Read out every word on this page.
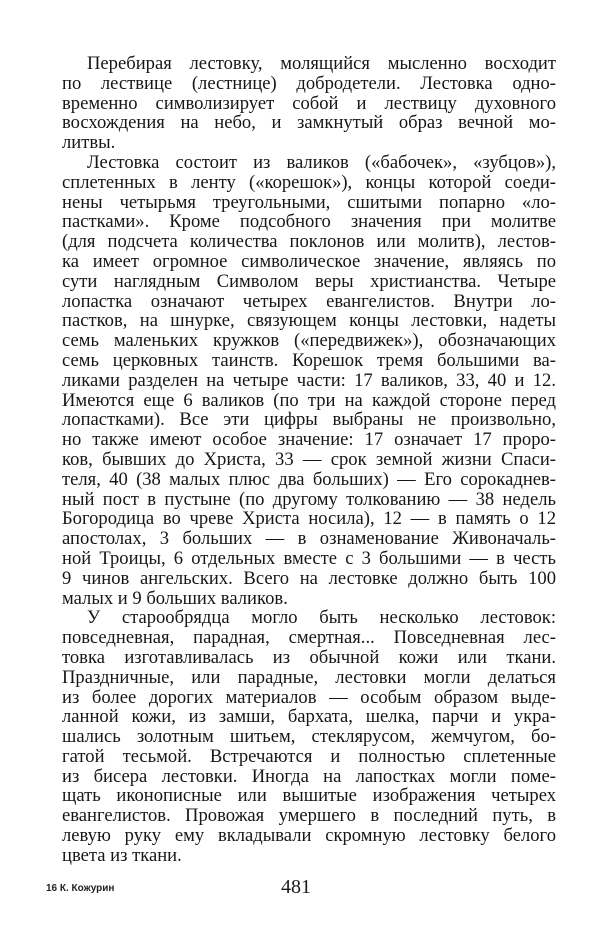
Перебирая лестовку, молящийся мысленно восходит
по лествице (лестнице) добродетели. Лестовка одно-
временно символизирует собой и лествицу духовного
восхождения на небо, и замкнутый образ вечной мо-
литвы.
Лестовка состоит из валиков («бабочек», «зубцов»),
сплетенных в ленту («корешок»), концы которой соеди-
нены четырьмя треугольными, сшитыми попарно «ло-
пастками». Кроме подсобного значения при молитве
(для подсчета количества поклонов или молитв), лестов-
ка имеет огромное символическое значение, являясь по
сути наглядным Символом веры христианства. Четыре
лопастка означают четырех евангелистов. Внутри ло-
пастков, на шнурке, связующем концы лестовки, надеты
семь маленьких кружков («передвижек»), обозначающих
семь церковных таинств. Корешок тремя большими ва-
ликами разделен на четыре части: 17 валиков, 33, 40 и 12.
Имеются еще 6 валиков (по три на каждой стороне перед
лопастками). Все эти цифры выбраны не произвольно,
но также имеют особое значение: 17 означает 17 проро-
ков, бывших до Христа, 33 — срок земной жизни Спаси-
теля, 40 (38 малых плюс два больших) — Его сорокаднев-
ный пост в пустыне (по другому толкованию — 38 недель
Богородица во чреве Христа носила), 12 — в память о 12
апостолах, 3 больших — в ознаменование Живоначаль-
ной Троицы, 6 отдельных вместе с 3 большими — в честь
9 чинов ангельских. Всего на лестовке должно быть 100
малых и 9 больших валиков.
У старообрядца могло быть несколько лестовок:
повседневная, парадная, смертная... Повседневная лес-
товка изготавливалась из обычной кожи или ткани.
Праздничные, или парадные, лестовки могли делаться
из более дорогих материалов — особым образом выде-
ланной кожи, из замши, бархата, шелка, парчи и укра-
шались золотным шитьем, стеклярусом, жемчугом, бо-
гатой тесьмой. Встречаются и полностью сплетенные
из бисера лестовки. Иногда на лапостках могли поме-
щать иконописные или вышитые изображения четырех
евангелистов. Провожая умершего в последний путь, в
левую руку ему вкладывали скромную лестовку белого
цвета из ткани.
16 К. Кожурин	481
